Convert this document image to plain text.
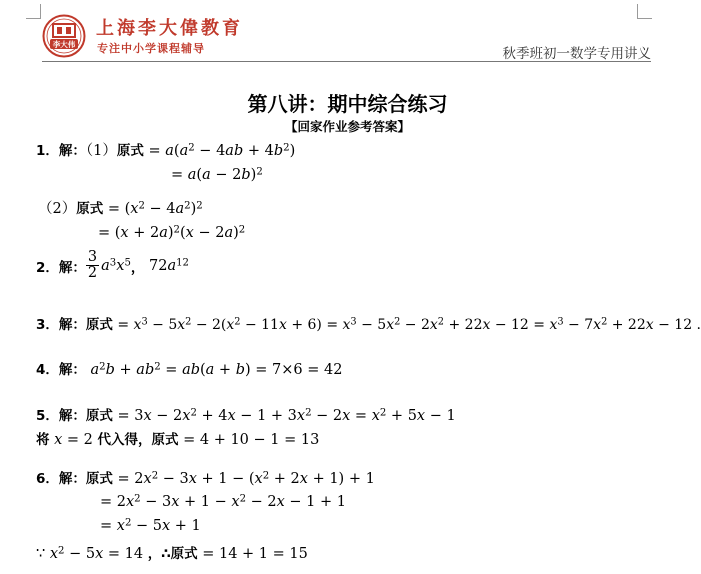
李大伟
上海李大偉教育
专注中小学课程辅导	秋季班初一数学专用讲义
第八讲：期中综合练习
【回家作业参考答案】
1．解：（1）原式 = $a(a^2 - 4ab + 4b^2)$
= $a(a - 2b)^2$
（2）原式 = $(x^2 - 4a^2)^2$
= $(x + 2a)^2(x - 2a)^2$
2．解： $\frac{3}{2} a^3x^5$ ， $72a^{12}$
3．解：原式 = $x^3 - 5x^2 - 2(x^2 - 11x + 6) = x^3 - 5x^2 - 2x^2 + 22x - 12 = x^3 - 7x^2 + 22x - 12$ .
4．解： $a^2b + ab^2 = ab(a + b) = 7\times 6 = 42$
5．解：原式 = $3x - 2x^2 + 4x - 1 + 3x^2 - 2x = x^2 + 5x - 1$
将 x = 2 代入得，原式 = 4 + 10 − 1 = 13
6．解：原式 = $2x^2 - 3x + 1 - (x^2 + 2x + 1) + 1$
= $2x^2 - 3x + 1 - x^2 - 2x - 1 + 1$
= $x^2 - 5x + 1$
∵ $x^2 - 5x = 14$ ，∴原式 = 14 + 1 = 15
